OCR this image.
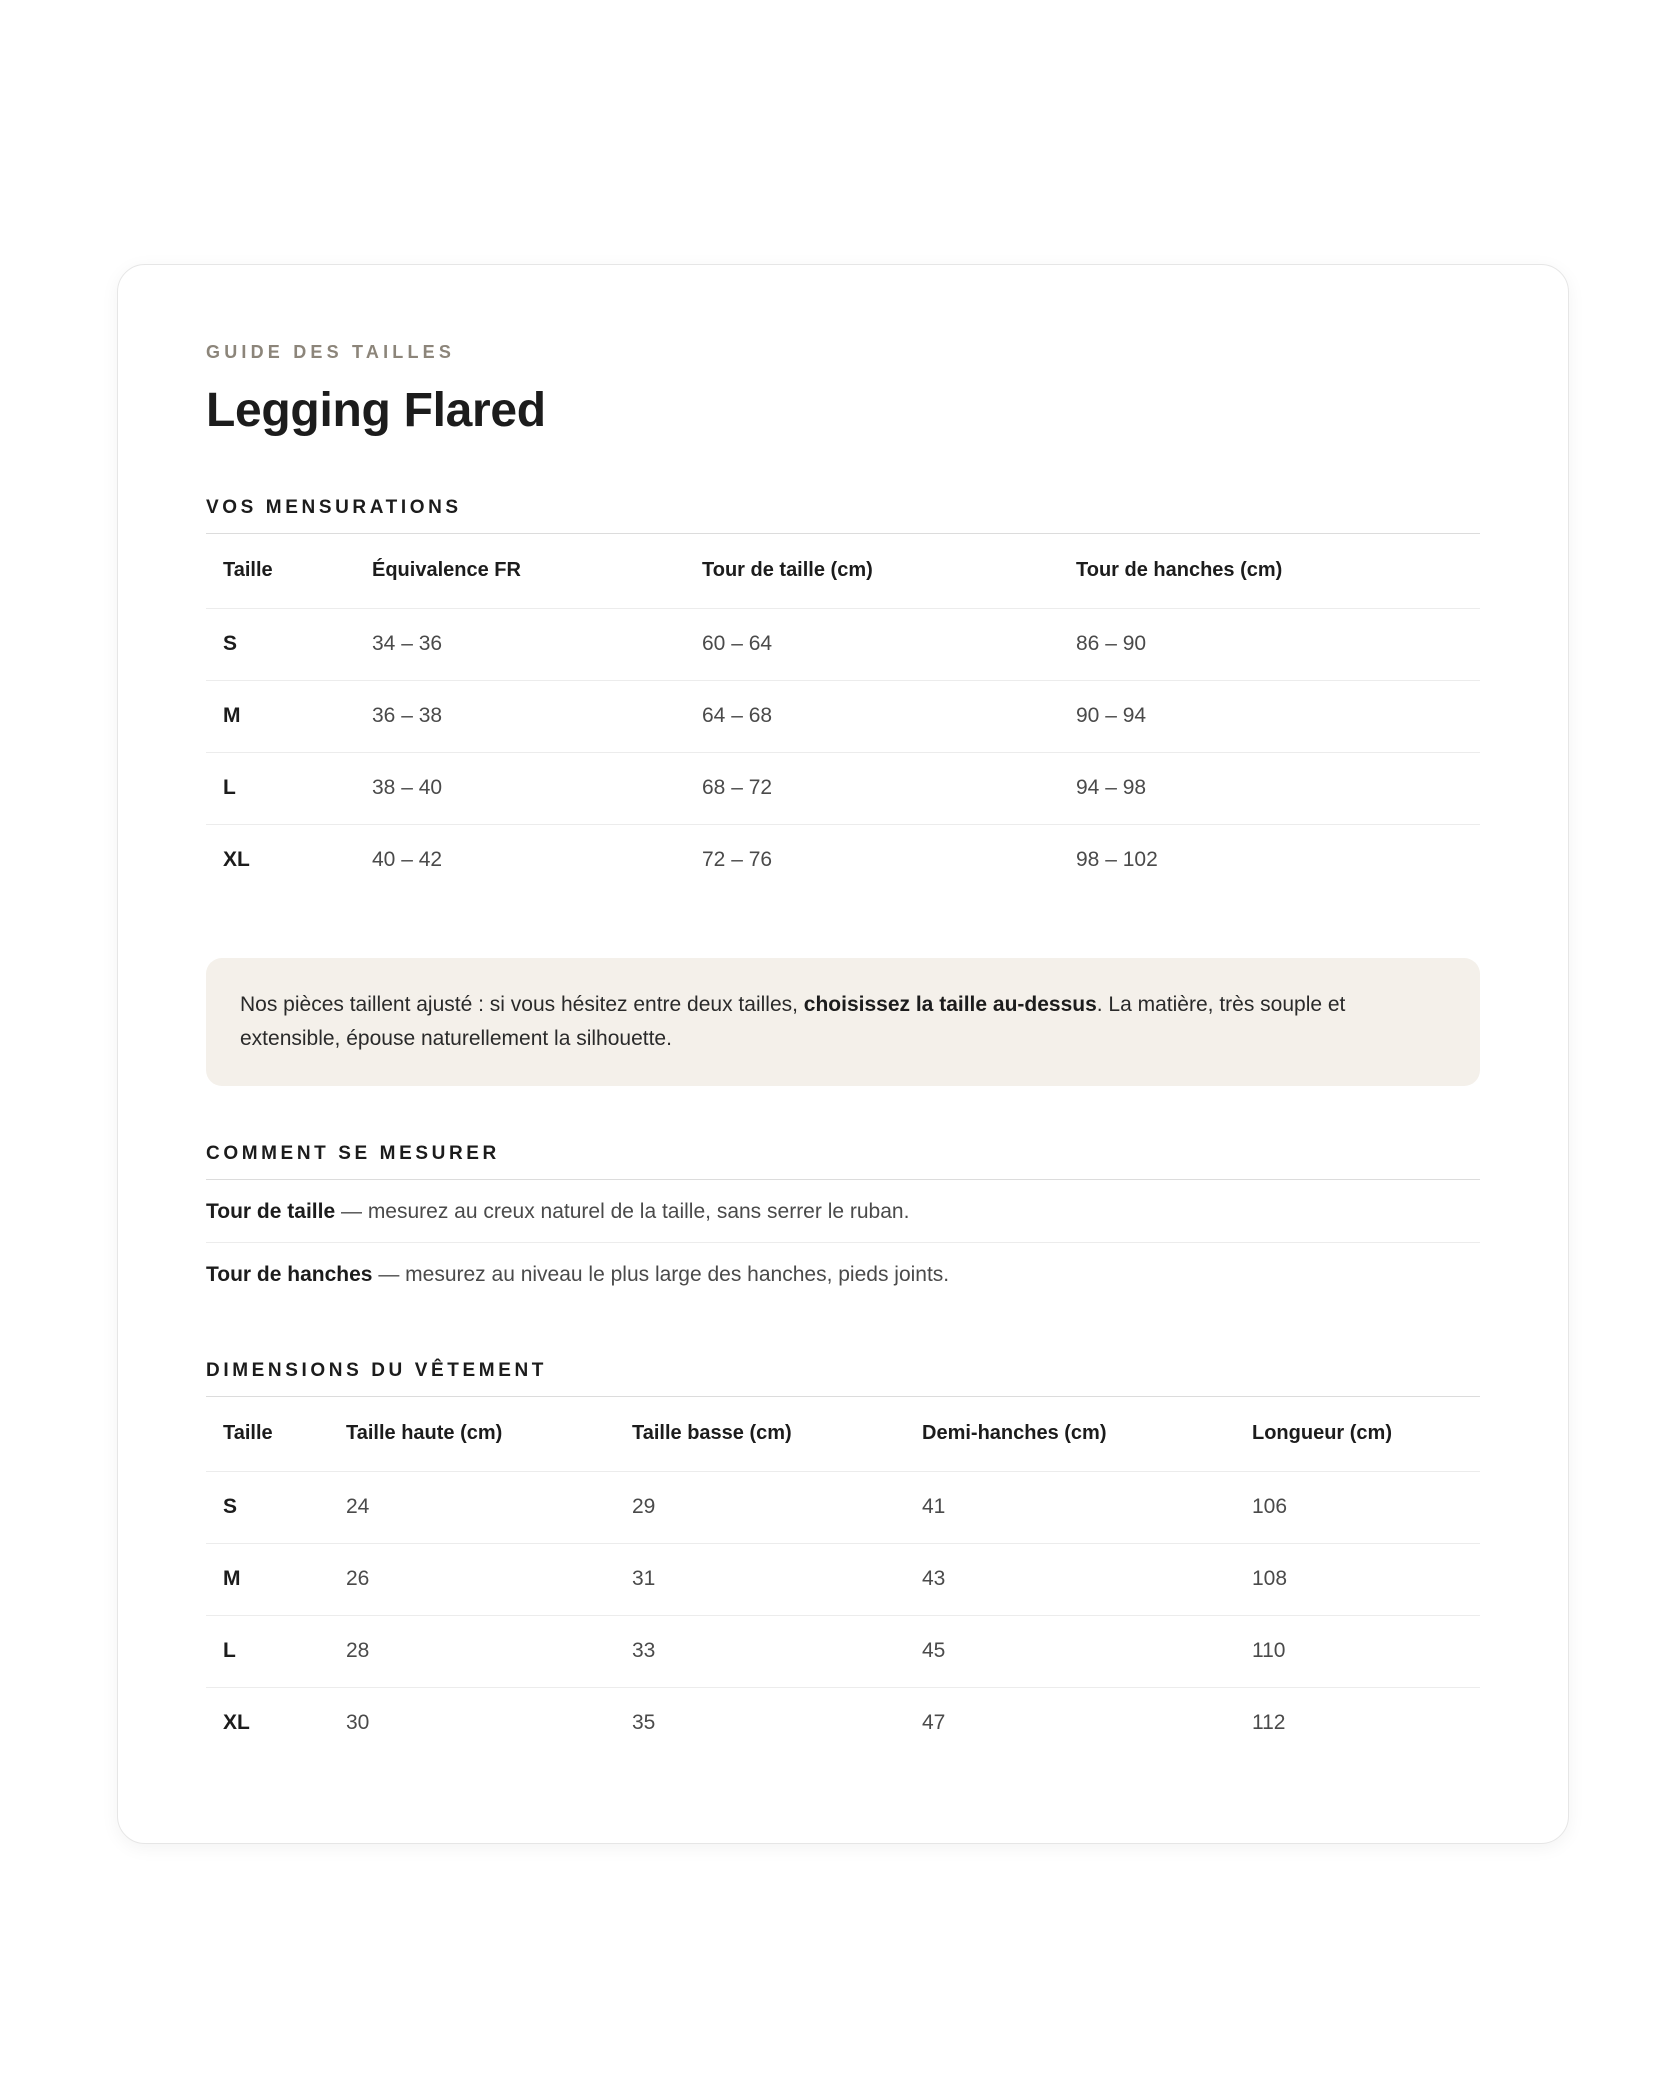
GUIDE DES TAILLES
Legging Flared
VOS MENSURATIONS
Taille	Équivalence FR	Tour de taille (cm)	Tour de hanches (cm)
S	34 – 36	60 – 64	86 – 90
M	36 – 38	64 – 68	90 – 94
L	38 – 40	68 – 72	94 – 98
XL	40 – 42	72 – 76	98 – 102
Nos pièces taillent ajusté : si vous hésitez entre deux tailles, choisissez la taille au-dessus. La matière, très souple et extensible, épouse naturellement la silhouette.
COMMENT SE MESURER
Tour de taille — mesurez au creux naturel de la taille, sans serrer le ruban.
Tour de hanches — mesurez au niveau le plus large des hanches, pieds joints.
DIMENSIONS DU VÊTEMENT
Taille	Taille haute (cm)	Taille basse (cm)	Demi-hanches (cm)	Longueur (cm)
S	24	29	41	106
M	26	31	43	108
L	28	33	45	110
XL	30	35	47	112
